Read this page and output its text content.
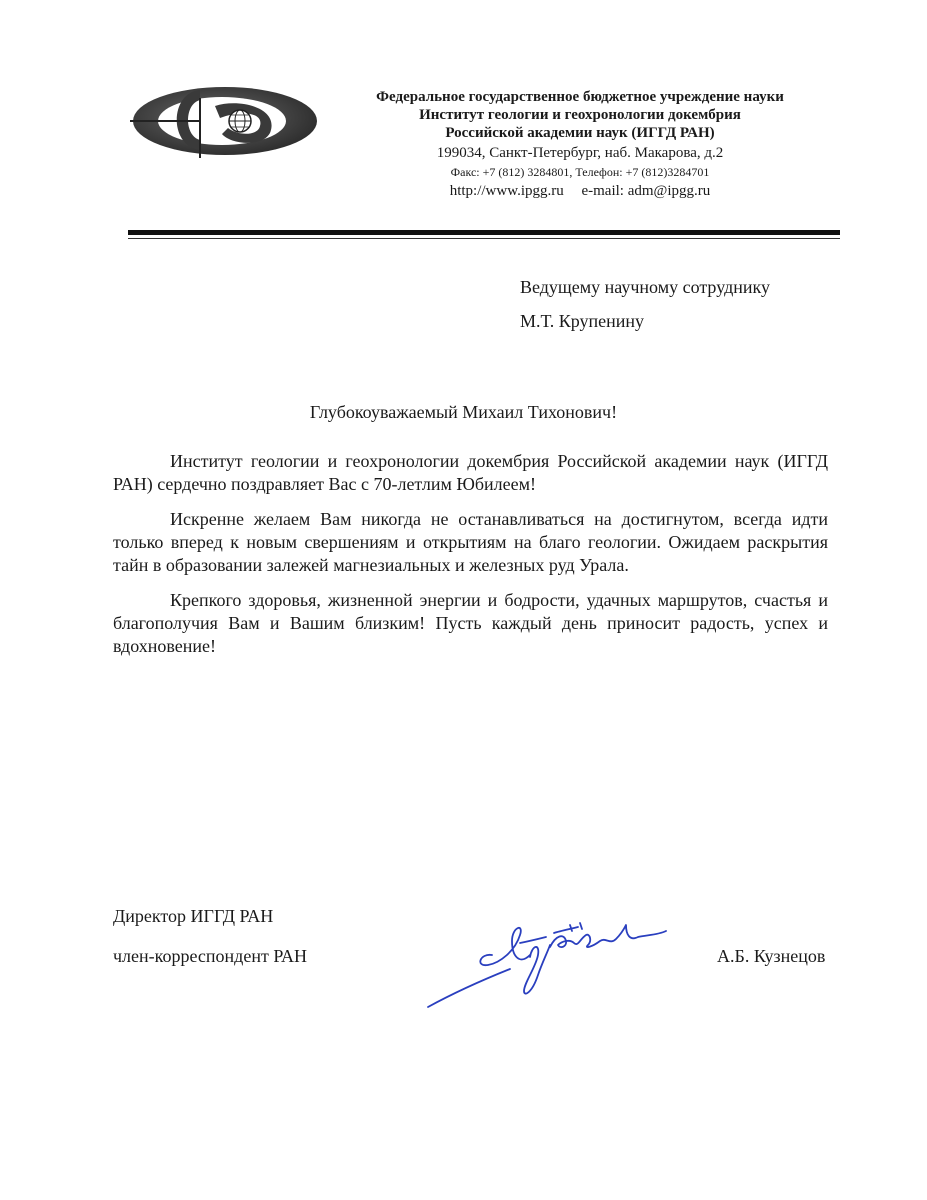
Федеральное государственное бюджетное учреждение науки
Институт геологии и геохронологии докембрия
Российской академии наук (ИГГД РАН)
199034, Санкт-Петербург, наб. Макарова, д.2
Факс: +7 (812) 3284801, Телефон: +7 (812)3284701
http://www.ipgg.ru e-mail: adm@ipgg.ru
Ведущему научному сотруднику
М.Т. Крупенину
Глубокоуважаемый Михаил Тихонович!

Институт геологии и геохронологии докембрия Российской академии наук (ИГГД РАН) сердечно поздравляет Вас с 70-летлим Юбилеем!

Искренне желаем Вам никогда не останавливаться на достигнутом, всегда идти только вперед к новым свершениям и открытиям на благо геологии. Ожидаем раскрытия тайн в образовании залежей магнезиальных и железных руд Урала.

Крепкого здоровья, жизненной энергии и бодрости, удачных маршрутов, счастья и благополучия Вам и Вашим близким! Пусть каждый день приносит радость, успех и вдохновение!

Директор ИГГД РАН
член-корреспондент РАН	А.Б. Кузнецов
